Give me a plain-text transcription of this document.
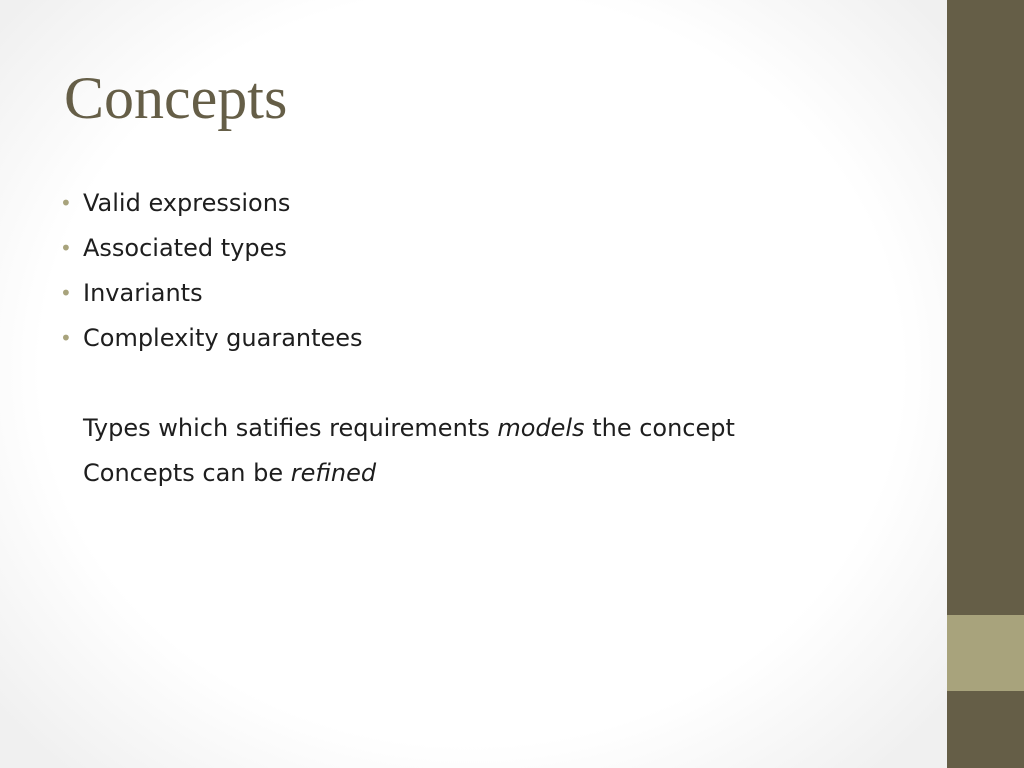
Concepts
• Valid expressions
• Associated types
• Invariants
• Complexity guarantees
Types which satifies requirements models the concept
Concepts can be refined
